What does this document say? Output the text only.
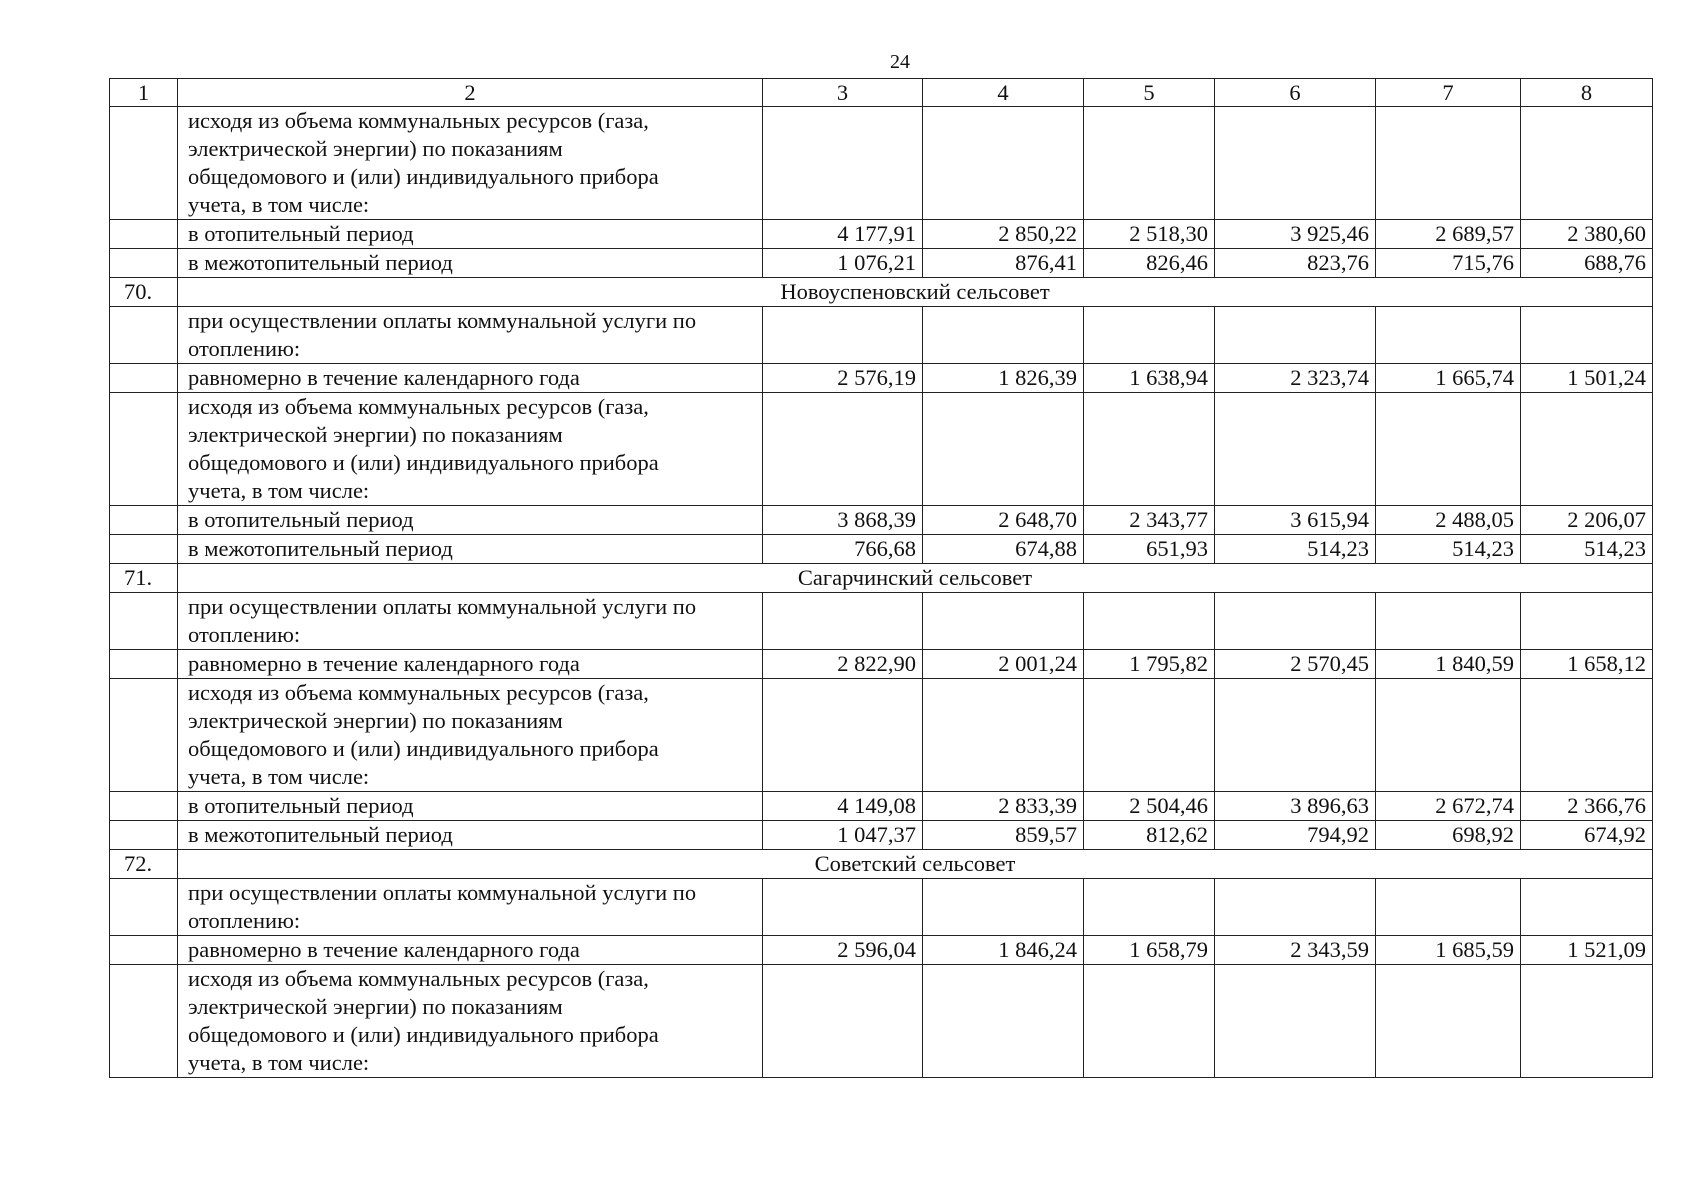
24
1	2	3	4	5	6	7	8

	исходя из объема коммунальных ресурсов (газа,
электрической энергии) по показаниям
общедомового и (или) индивидуального прибора
учета, в том числе:						

	в отопительный период	4 177,91	2 850,22	2 518,30	3 925,46	2 689,57	2 380,60
	в межотопительный период	1 076,21	876,41	826,46	823,76	715,76	688,76
70.	Новоуспеновский сельсовет						

	при осуществлении оплаты коммунальной услуги по
отоплению:						

	равномерно в течение календарного года	2 576,19	1 826,39	1 638,94	2 323,74	1 665,74	1 501,24

	исходя из объема коммунальных ресурсов (газа,
электрической энергии) по показаниям
общедомового и (или) индивидуального прибора
учета, в том числе:						

	в отопительный период	3 868,39	2 648,70	2 343,77	3 615,94	2 488,05	2 206,07
	в межотопительный период	766,68	674,88	651,93	514,23	514,23	514,23
71.	Сагарчинский сельсовет						

	при осуществлении оплаты коммунальной услуги по
отоплению:						

	равномерно в течение календарного года	2 822,90	2 001,24	1 795,82	2 570,45	1 840,59	1 658,12

	исходя из объема коммунальных ресурсов (газа,
электрической энергии) по показаниям
общедомового и (или) индивидуального прибора
учета, в том числе:						

	в отопительный период	4 149,08	2 833,39	2 504,46	3 896,63	2 672,74	2 366,76
	в межотопительный период	1 047,37	859,57	812,62	794,92	698,92	674,92
72.	Советский сельсовет						

	при осуществлении оплаты коммунальной услуги по
отоплению:						

	равномерно в течение календарного года	2 596,04	1 846,24	1 658,79	2 343,59	1 685,59	1 521,09

	исходя из объема коммунальных ресурсов (газа,
электрической энергии) по показаниям
общедомового и (или) индивидуального прибора
учета, в том числе:						
